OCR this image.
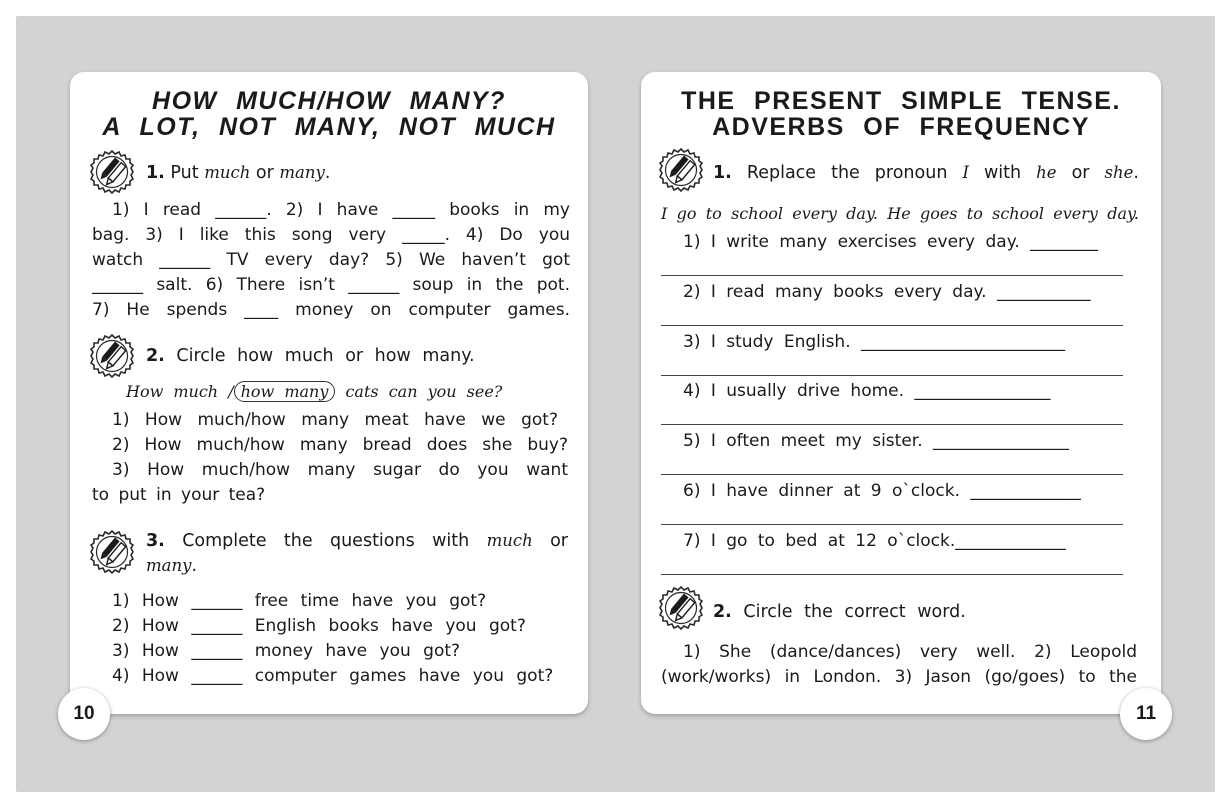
HOW MUCH/HOW MANY?
A LOT, NOT MANY, NOT MUCH
1. Put much or many.
1) I read ______. 2) I have _____ books in my
bag. 3) I like this song very _____. 4) Do you
watch ______ TV every day? 5) We haven’t got
______ salt. 6) There isn’t ______ soup in the pot.
7) He spends ____ money on computer games.
2. Circle how much or how many.
How much / how many cats can you see?
1) How much/how many meat have we got?
2) How much/how many bread does she buy?
3) How much/how many sugar do you want
to put in your tea?
3. Complete the questions with much or
many.
1) How ______ free time have you got?
2) How ______ English books have you got?
3) How ______ money have you got?
4) How ______ computer games have you got?
THE PRESENT SIMPLE TENSE.
ADVERBS OF FREQUENCY
1. Replace the pronoun I with he or she.
I go to school every day. He goes to school every day.
1) I write many exercises every day. ________
2) I read many books every day. ___________
3) I study English. ________________________
4) I usually drive home. ________________
5) I often meet my sister. ________________
6) I have dinner at 9 o`clock. _____________
7) I go to bed at 12 o`clock._____________
2. Circle the correct word.
1) She (dance/dances) very well. 2) Leopold
(work/works) in London. 3) Jason (go/goes) to the
10	11
